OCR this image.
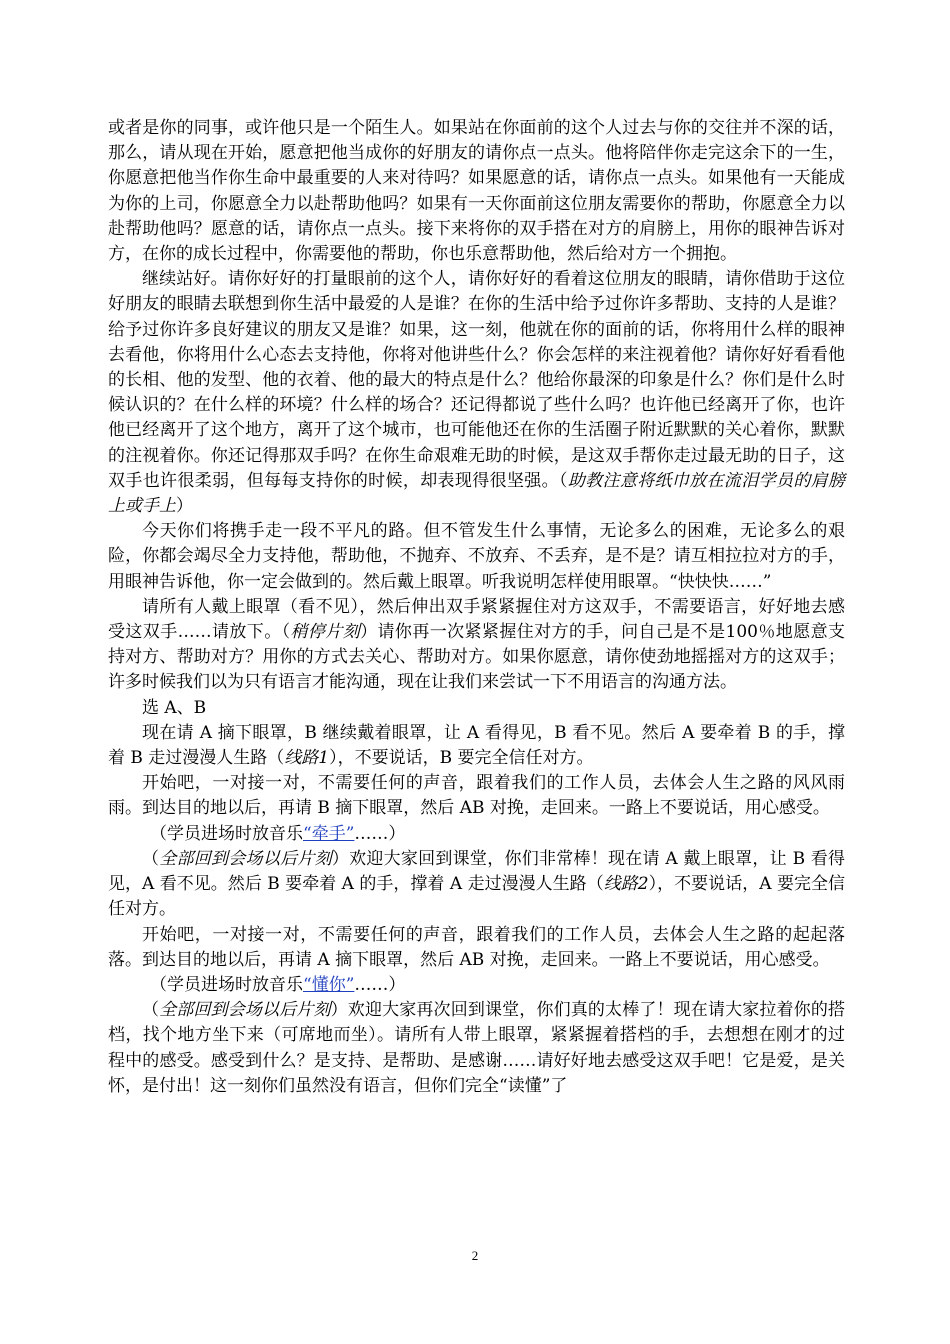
或者是你的同事，或许他只是一个陌生人。如果站在你面前的这个人过去与你的交往并不深的话，那么，请从现在开始，愿意把他当成你的好朋友的请你点一点头。他将陪伴你走完这余下的一生，你愿意把他当作你生命中最重要的人来对待吗？如果愿意的话，请你点一点头。如果他有一天能成为你的上司，你愿意全力以赴帮助他吗？如果有一天你面前这位朋友需要你的帮助，你愿意全力以赴帮助他吗？愿意的话，请你点一点头。接下来将你的双手搭在对方的肩膀上，用你的眼神告诉对方，在你的成长过程中，你需要他的帮助，你也乐意帮助他，然后给对方一个拥抱。

继续站好。请你好好的打量眼前的这个人，请你好好的看着这位朋友的眼睛，请你借助于这位好朋友的眼睛去联想到你生活中最爱的人是谁？在你的生活中给予过你许多帮助、支持的人是谁？给予过你许多良好建议的朋友又是谁？如果，这一刻，他就在你的面前的话，你将用什么样的眼神去看他，你将用什么心态去支持他，你将对他讲些什么？你会怎样的来注视着他？请你好好看看他的长相、他的发型、他的衣着、他的最大的特点是什么？他给你最深的印象是什么？你们是什么时候认识的？在什么样的环境？什么样的场合？还记得都说了些什么吗？也许他已经离开了你，也许他已经离开了这个地方，离开了这个城市，也可能他还在你的生活圈子附近默默的关心着你，默默的注视着你。你还记得那双手吗？在你生命艰难无助的时候，是这双手帮你走过最无助的日子，这双手也许很柔弱，但每每支持你的时候，却表现得很坚强。（助教注意将纸巾放在流泪学员的肩膀上或手上）

今天你们将携手走一段不平凡的路。但不管发生什么事情，无论多么的困难，无论多么的艰险，你都会竭尽全力支持他，帮助他，不抛弃、不放弃、不丢弃，是不是？请互相拉拉对方的手，用眼神告诉他，你一定会做到的。然后戴上眼罩。听我说明怎样使用眼罩。“快快快……”

请所有人戴上眼罩（看不见），然后伸出双手紧紧握住对方这双手，不需要语言，好好地去感受这双手……请放下。（稍停片刻）请你再一次紧紧握住对方的手，问自己是不是100％地愿意支持对方、帮助对方？用你的方式去关心、帮助对方。如果你愿意，请你使劲地摇摇对方的这双手；许多时候我们以为只有语言才能沟通，现在让我们来尝试一下不用语言的沟通方法。

选 A、B

现在请 A 摘下眼罩，B 继续戴着眼罩，让 A 看得见，B 看不见。然后 A 要牵着 B 的手，撑着 B 走过漫漫人生路（线路1），不要说话，B 要完全信任对方。

开始吧，一对接一对，不需要任何的声音，跟着我们的工作人员，去体会人生之路的风风雨雨。到达目的地以后，再请 B 摘下眼罩，然后 AB 对挽，走回来。一路上不要说话，用心感受。

（学员进场时放音乐“牵手”……）

（全部回到会场以后片刻）欢迎大家回到课堂，你们非常棒！现在请 A 戴上眼罩，让 B 看得见，A 看不见。然后 B 要牵着 A 的手，撑着 A 走过漫漫人生路（线路2），不要说话，A 要完全信任对方。

开始吧，一对接一对，不需要任何的声音，跟着我们的工作人员，去体会人生之路的起起落落。到达目的地以后，再请 A 摘下眼罩，然后 AB 对挽，走回来。一路上不要说话，用心感受。

（学员进场时放音乐“懂你”……）

（全部回到会场以后片刻）欢迎大家再次回到课堂，你们真的太棒了！现在请大家拉着你的搭档，找个地方坐下来（可席地而坐）。请所有人带上眼罩，紧紧握着搭档的手，去想想在刚才的过程中的感受。感受到什么？是支持、是帮助、是感谢……请好好地去感受这双手吧！它是爱，是关怀，是付出！这一刻你们虽然没有语言，但你们完全“读懂”了

2
